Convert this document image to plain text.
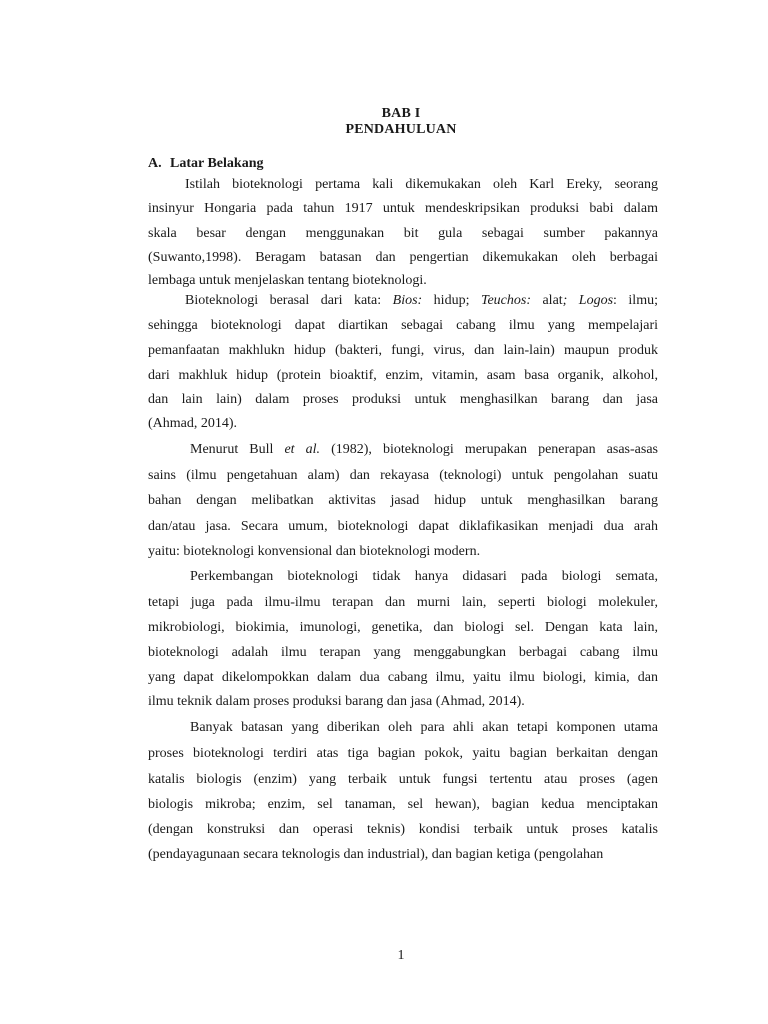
BAB I
PENDAHULUAN
A. Latar Belakang
Istilah bioteknologi pertama kali dikemukakan oleh Karl Ereky, seorang
insinyur Hongaria pada tahun 1917 untuk mendeskripsikan produksi babi dalam
skala besar dengan menggunakan bit gula sebagai sumber pakannya
(Suwanto,1998). Beragam batasan dan pengertian dikemukakan oleh berbagai
lembaga untuk menjelaskan tentang bioteknologi.
Bioteknologi berasal dari kata: Bios: hidup; Teuchos: alat; Logos: ilmu;
sehingga bioteknologi dapat diartikan sebagai cabang ilmu yang mempelajari
pemanfaatan makhlukn hidup (bakteri, fungi, virus, dan lain-lain) maupun produk
dari makhluk hidup (protein bioaktif, enzim, vitamin, asam basa organik, alkohol,
dan lain lain) dalam proses produksi untuk menghasilkan barang dan jasa
(Ahmad, 2014).
Menurut Bull et al. (1982), bioteknologi merupakan penerapan asas-asas
sains (ilmu pengetahuan alam) dan rekayasa (teknologi) untuk pengolahan suatu
bahan dengan melibatkan aktivitas jasad hidup untuk menghasilkan barang
dan/atau jasa. Secara umum, bioteknologi dapat diklafikasikan menjadi dua arah
yaitu: bioteknologi konvensional dan bioteknologi modern.
Perkembangan bioteknologi tidak hanya didasari pada biologi semata,
tetapi juga pada ilmu-ilmu terapan dan murni lain, seperti biologi molekuler,
mikrobiologi, biokimia, imunologi, genetika, dan biologi sel. Dengan kata lain,
bioteknologi adalah ilmu terapan yang menggabungkan berbagai cabang ilmu
yang dapat dikelompokkan dalam dua cabang ilmu, yaitu ilmu biologi, kimia, dan
ilmu teknik dalam proses produksi barang dan jasa (Ahmad, 2014).
Banyak batasan yang diberikan oleh para ahli akan tetapi komponen utama
proses bioteknologi terdiri atas tiga bagian pokok, yaitu bagian berkaitan dengan
katalis biologis (enzim) yang terbaik untuk fungsi tertentu atau proses (agen
biologis mikroba; enzim, sel tanaman, sel hewan), bagian kedua menciptakan
(dengan konstruksi dan operasi teknis) kondisi terbaik untuk proses katalis
(pendayagunaan secara teknologis dan industrial), dan bagian ketiga (pengolahan
1
